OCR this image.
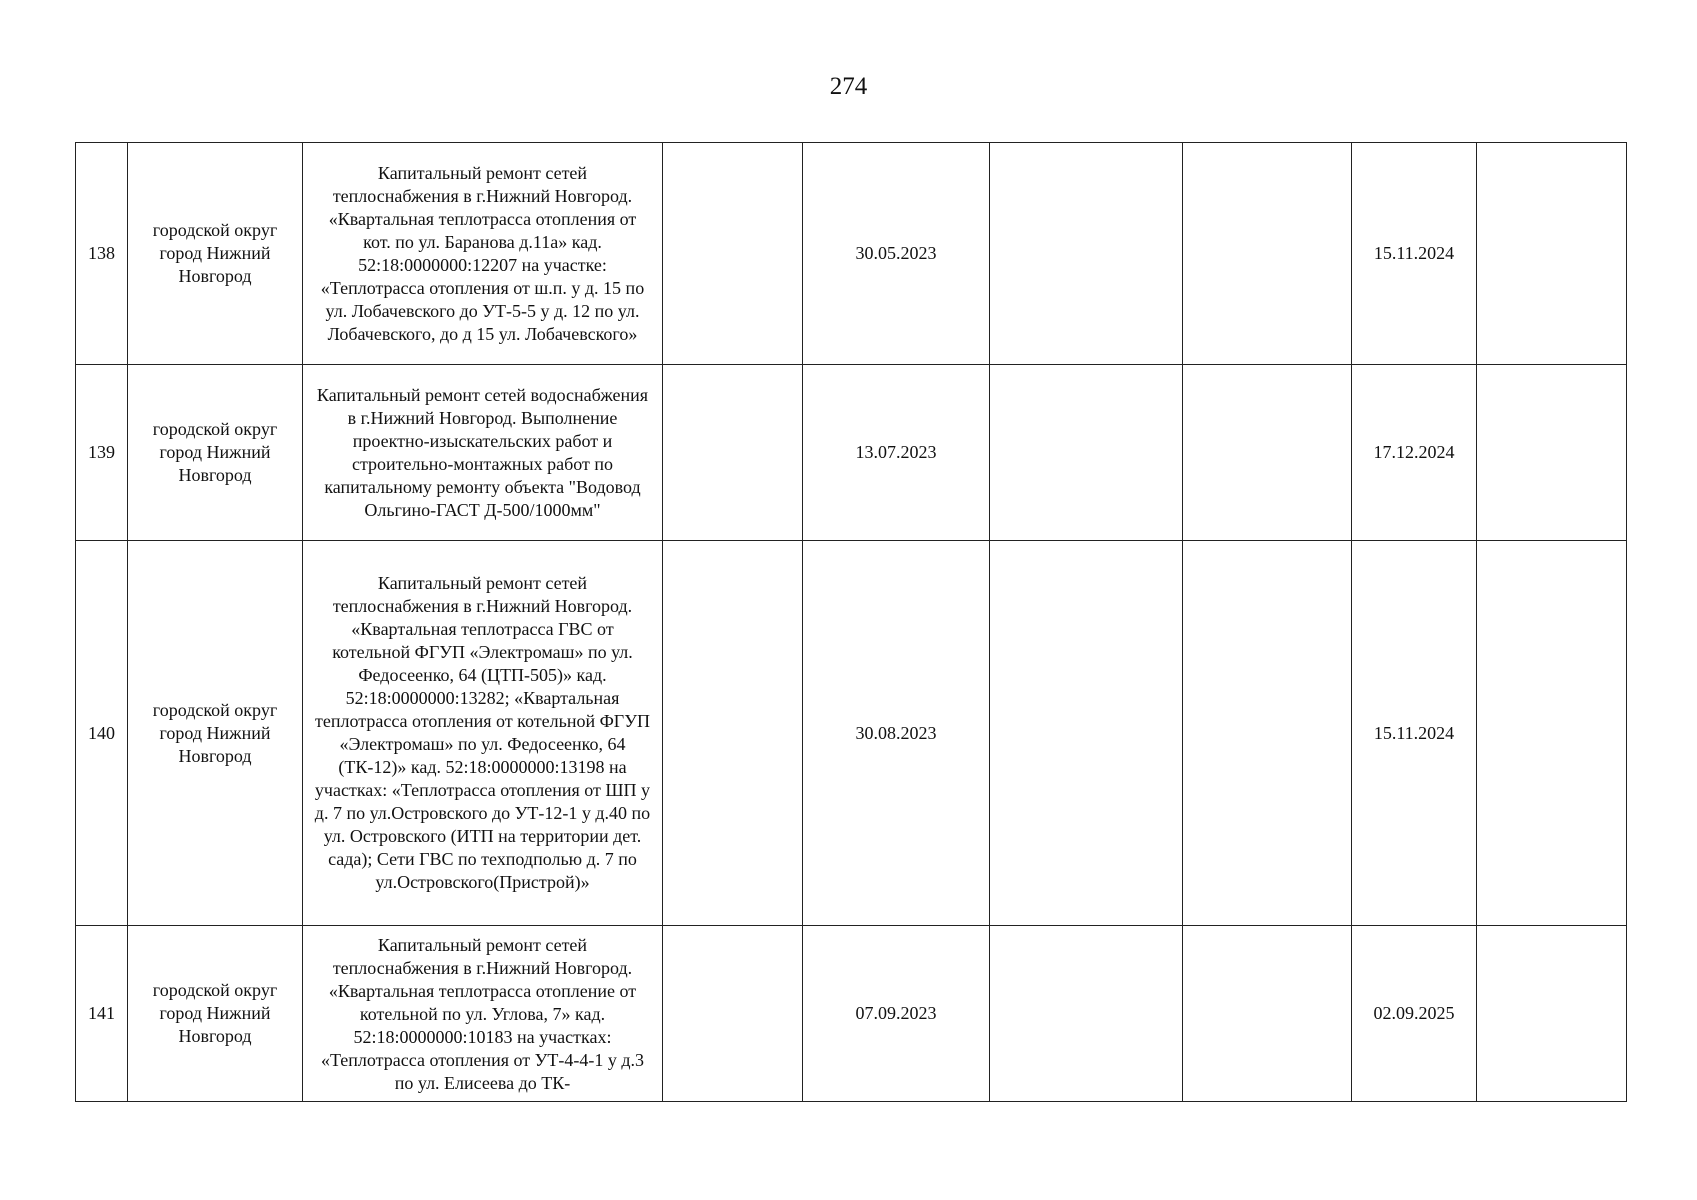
274
138	городской округ город Нижний Новгород	Капитальный ремонт сетей теплоснабжения в г.Нижний Новгород. «Квартальная теплотрасса отопления от кот. по ул. Баранова д.11а» кад. 52:18:0000000:12207 на участке: «Теплотрасса отопления от ш.п. у д. 15 по ул. Лобачевского до УТ-5-5 у д. 12 по ул. Лобачевского, до д 15 ул. Лобачевского»		30.05.2023			15.11.2024	
139	городской округ город Нижний Новгород	Капитальный ремонт сетей водоснабжения в г.Нижний Новгород. Выполнение проектно-изыскательских работ и строительно-монтажных работ по капитальному ремонту объекта "Водовод Ольгино-ГАСТ Д-500/1000мм"		13.07.2023			17.12.2024	
140	городской округ город Нижний Новгород	Капитальный ремонт сетей теплоснабжения в г.Нижний Новгород. «Квартальная теплотрасса ГВС от котельной ФГУП «Электромаш» по ул. Федосеенко, 64 (ЦТП-505)» кад. 52:18:0000000:13282; «Квартальная теплотрасса отопления от котельной ФГУП «Электромаш» по ул. Федосеенко, 64 (ТК-12)» кад. 52:18:0000000:13198 на участках: «Теплотрасса отопления от ШП у д. 7 по ул.Островского до УТ-12-1 у д.40 по ул. Островского (ИТП на территории дет. сада); Сети ГВС по техподполью д. 7 по ул.Островского(Пристрой)»		30.08.2023			15.11.2024	
141	городской округ город Нижний Новгород	Капитальный ремонт сетей теплоснабжения в г.Нижний Новгород. «Квартальная теплотрасса отопление от котельной по ул. Углова, 7» кад. 52:18:0000000:10183 на участках: «Теплотрасса отопления от УТ-4-4-1 у д.3 по ул. Елисеева до ТК-		07.09.2023			02.09.2025	
